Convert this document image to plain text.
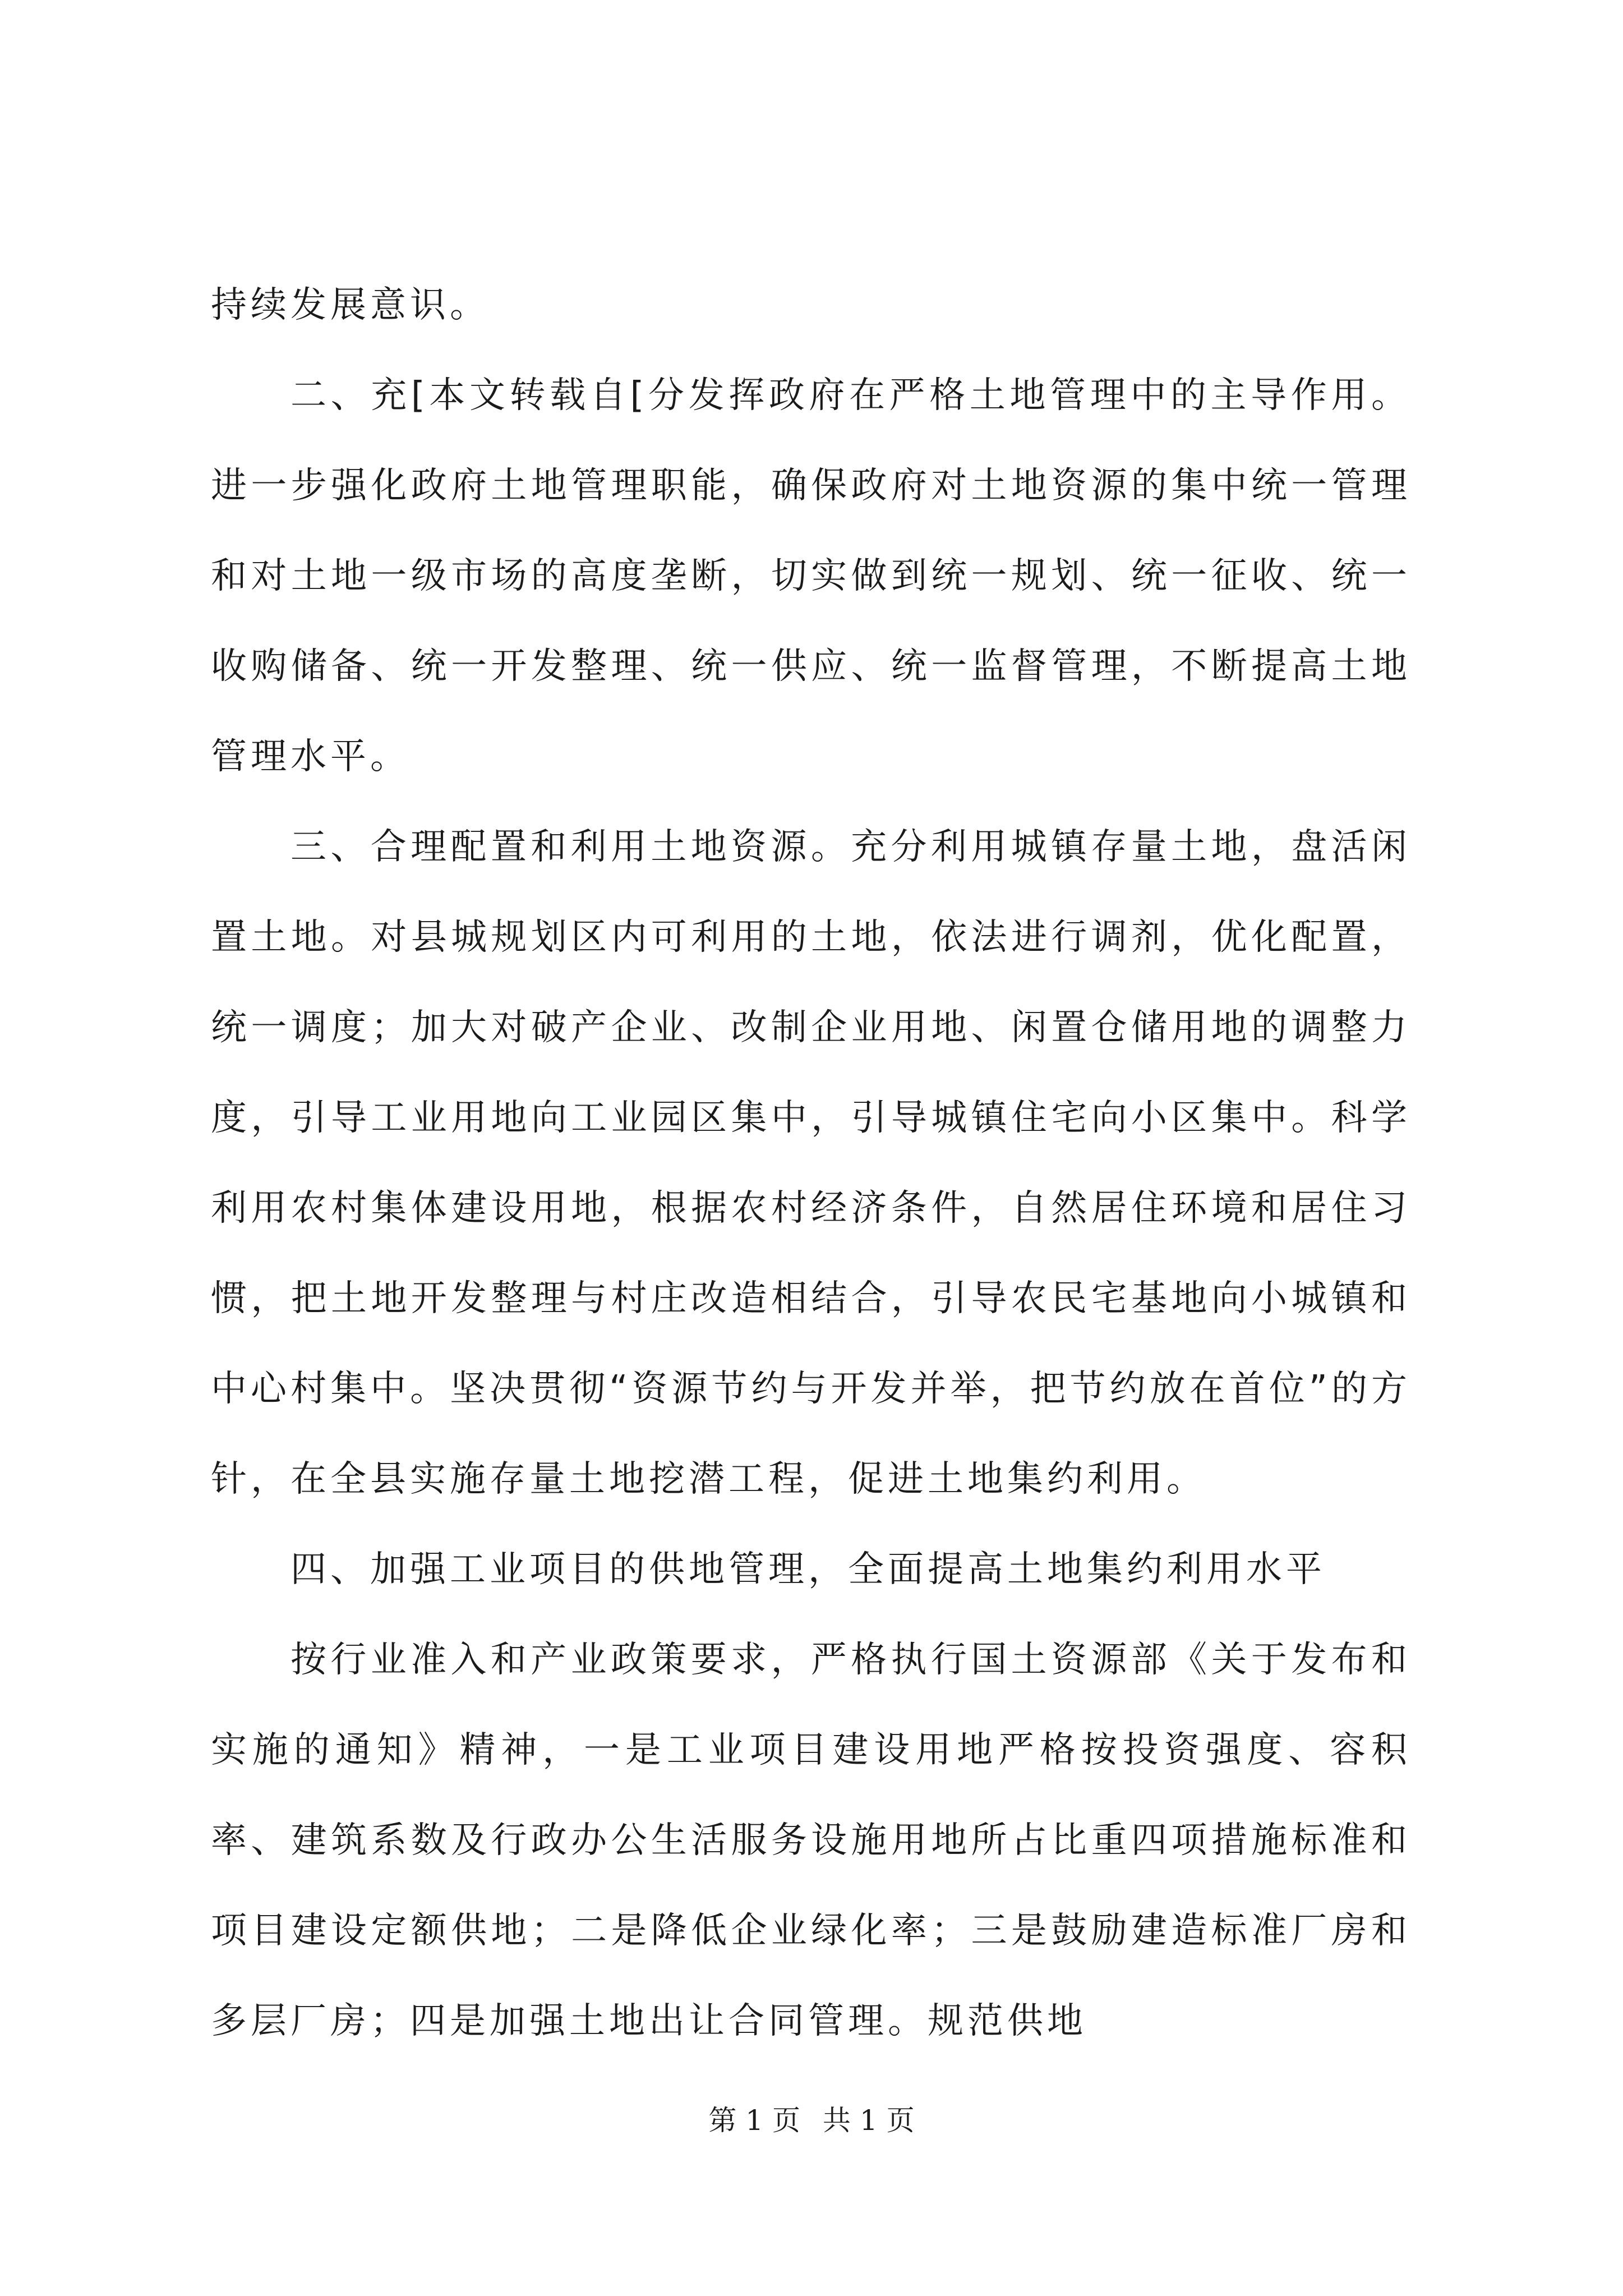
持续发展意识。

二、充[本文转载自[分发挥政府在严格土地管理中的主导作用。进一步强化政府土地管理职能，确保政府对土地资源的集中统一管理和对土地一级市场的高度垄断，切实做到统一规划、统一征收、统一收购储备、统一开发整理、统一供应、统一监督管理，不断提高土地管理水平。

三、合理配置和利用土地资源。充分利用城镇存量土地，盘活闲置土地。对县城规划区内可利用的土地，依法进行调剂，优化配置，统一调度；加大对破产企业、改制企业用地、闲置仓储用地的调整力度，引导工业用地向工业园区集中，引导城镇住宅向小区集中。科学利用农村集体建设用地，根据农村经济条件，自然居住环境和居住习惯，把土地开发整理与村庄改造相结合，引导农民宅基地向小城镇和中心村集中。坚决贯彻“资源节约与开发并举，把节约放在首位”的方针，在全县实施存量土地挖潜工程，促进土地集约利用。

四、加强工业项目的供地管理，全面提高土地集约利用水平

按行业准入和产业政策要求，严格执行国土资源部《关于发布和实施的通知》精神，一是工业项目建设用地严格按投资强度、容积率、建筑系数及行政办公生活服务设施用地所占比重四项措施标准和项目建设定额供地；二是降低企业绿化率；三是鼓励建造标准厂房和多层厂房；四是加强土地出让合同管理。规范供地

第 1 页 共 1 页
